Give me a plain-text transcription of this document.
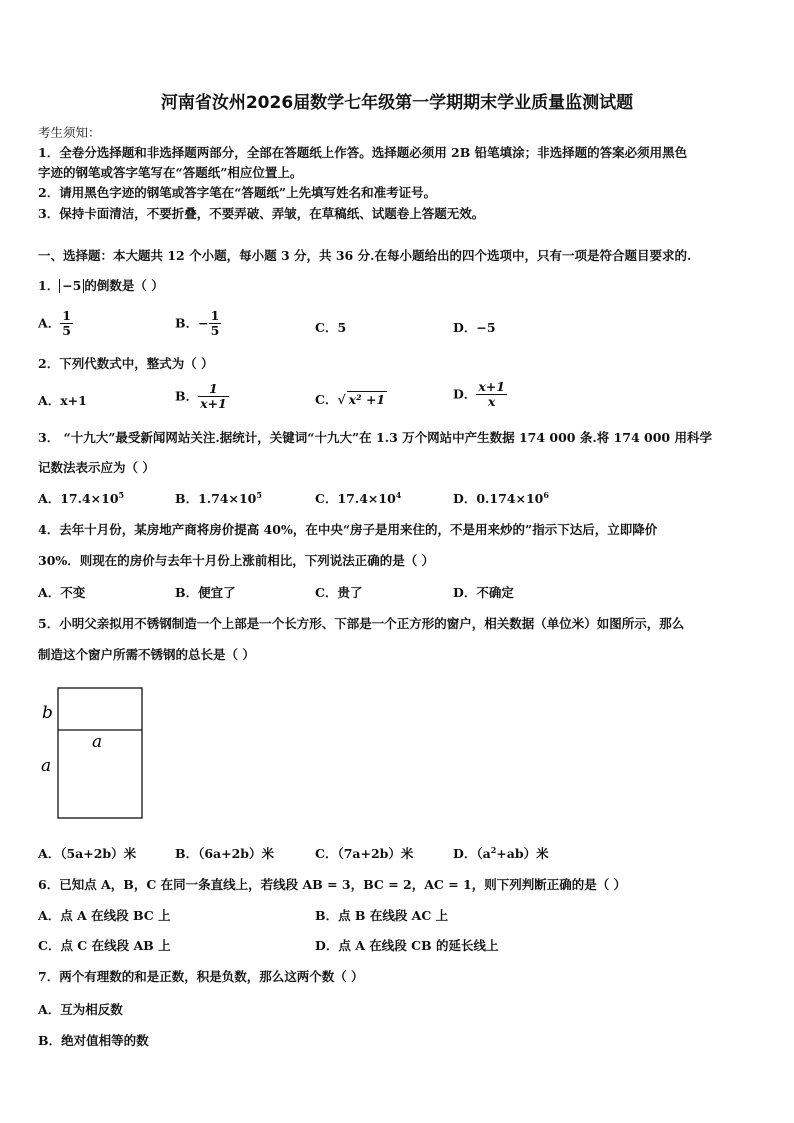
河南省汝州2026届数学七年级第一学期期末学业质量监测试题
考生须知：
1．全卷分选择题和非选择题两部分，全部在答题纸上作答。选择题必须用 2B 铅笔填涂；非选择题的答案必须用黑色
字迹的钢笔或答字笔写在“答题纸”相应位置上。
2．请用黑色字迹的钢笔或答字笔在“答题纸”上先填写姓名和准考证号。
3．保持卡面清洁，不要折叠，不要弄破、弄皱，在草稿纸、试题卷上答题无效。
一、选择题：本大题共 12 个小题，每小题 3 分，共 36 分.在每小题给出的四个选项中，只有一项是符合题目要求的.
1． −5 的倒数是（ ）
A． $\frac{1}{5}$	B．− $\frac{1}{5}$	C．5	D．−5
2．下列代数式中，整式为（ ）
A．x+1	B． $\frac{1}{x+1}$	C．√ x² +1	D． $\frac{x+1}{x}$
3． “十九大”最受新闻网站关注.据统计，关键词“十九大”在 1.3 万个网站中产生数据 174 000 条.将 174 000 用科学
记数法表示应为（ ）
A．$17.4\times 10^5$	B．$1.74\times 10^5$	C．$17.4\times 10^4$	D．$0.174\times 10^6$
4．去年十月份，某房地产商将房价提高 40%，在中央“房子是用来住的，不是用来炒的”指示下达后，立即降价
30%．则现在的房价与去年十月份上涨前相比，下列说法正确的是（ ）
A．不变	B．便宜了	C．贵了	D．不确定
5．小明父亲拟用不锈钢制造一个上部是一个长方形、下部是一个正方形的窗户，相关数据（单位米）如图所示，那么
制造这个窗户所需不锈钢的总长是（ ）
b
a
a
A．（5a+2b）米	B．（6a+2b）米	C．（7a+2b）米	D．$(a^2+ab)$米
6．已知点 A，B，C 在同一条直线上，若线段 AB = 3，BC = 2，AC = 1，则下列判断正确的是（ ）
A．点 A 在线段 BC 上	B．点 B 在线段 AC 上
C．点 C 在线段 AB 上	D．点 A 在线段 CB 的延长线上
7．两个有理数的和是正数，积是负数，那么这两个数（ ）
A．互为相反数
B．绝对值相等的数
